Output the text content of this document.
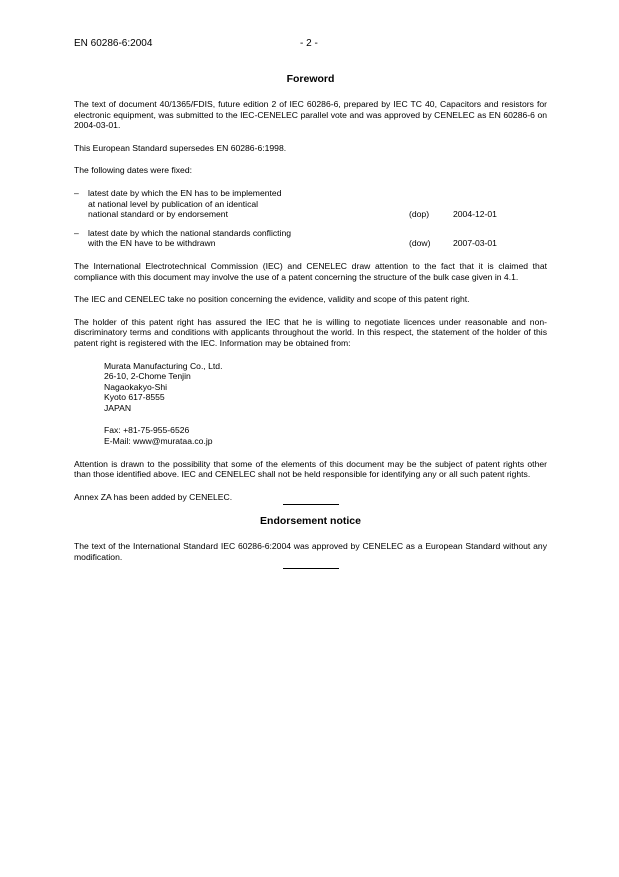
EN 60286-6:2004	- 2 -
Foreword

The text of document 40/1365/FDIS, future edition 2 of IEC 60286-6, prepared by IEC TC 40, Capacitors and resistors for electronic equipment, was submitted to the IEC-CENELEC parallel vote and was approved by CENELEC as EN 60286-6 on 2004-03-01.

This European Standard supersedes EN 60286-6:1998.

The following dates were fixed:

–	latest date by which the EN has to be implemented
at national level by publication of an identical
national standard or by endorsement	(dop)	2004-12-01
–	latest date by which the national standards conflicting
with the EN have to be withdrawn	(dow)	2007-03-01

The International Electrotechnical Commission (IEC) and CENELEC draw attention to the fact that it is claimed that compliance with this document may involve the use of a patent concerning the structure of the bulk case given in 4.1.

The IEC and CENELEC take no position concerning the evidence, validity and scope of this patent right.

The holder of this patent right has assured the IEC that he is willing to negotiate licences under reasonable and non-discriminatory terms and conditions with applicants throughout the world. In this respect, the statement of the holder of this patent right is registered with the IEC. Information may be obtained from:

Murata Manufacturing Co., Ltd.
26-10, 2-Chome Tenjin
Nagaokakyo-Shi
Kyoto 617-8555
JAPAN
Fax: +81-75-955-6526
E-Mail: www@murataa.co.jp

Attention is drawn to the possibility that some of the elements of this document may be the subject of patent rights other than those identified above. IEC and CENELEC shall not be held responsible for identifying any or all such patent rights.

Annex ZA has been added by CENELEC.

Endorsement notice

The text of the International Standard IEC 60286-6:2004 was approved by CENELEC as a European Standard without any modification.
